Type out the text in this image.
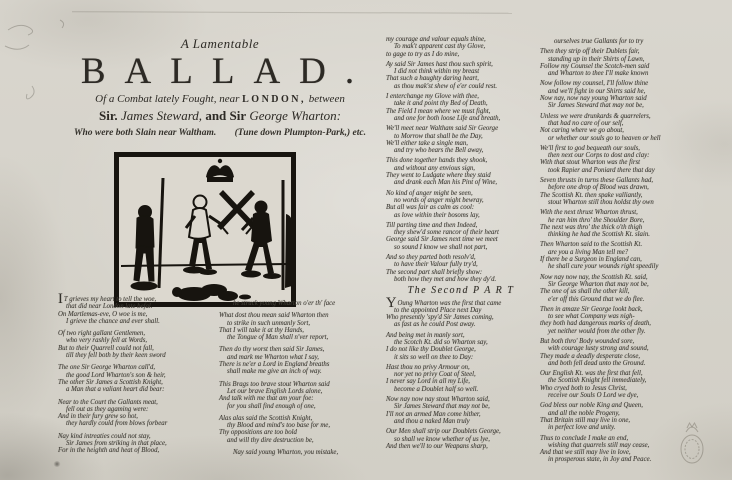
A Lamentable
BALLAD.
Of a Combat lately Fought, near LONDON, between
Sir. James Steward, and Sir George Wharton:
Who were both Slain near Waltham. (Tune down Plumpton-Park,) etc.
IT grieves my heart to tell the woe,
that did near London late befal.
On Martlemas-eve, O woe is me,
I grieve the chance and ever shall.
Of two right gallant Gentlemen,
who very rashly fell at Words,
But to their Quarrell could not fall,
till they fell both by their keen sword
The one Sir George Wharton call'd,
the good Lord Wharton's son & heir,
The other Sir James a Scottish Knight,
a Man that a valiant heart did bear:
Near to the Court the Gallants meat,
fell out as they agaming were:
And in their fury grew so hot,
they hardly could from blows forbear
Nay kind intreaties could not stay,
Sir James from striking in that place,
For in the heighth and heat of Blood,
he struck young Wharton o'er th' face
What dost thou mean said Wharton then
to strike in such unmanly Sort,
That I will take it at thy Hands,
the Tongue of Man shall n'ver report,
Then do thy worst then said Sir James,
and mark me Wharton what I say,
There is ne'er a Lord in England breaths
shall make me give an inch of way.
This Brags too brave stout Wharton said
Let our brave English Lords alone,
And talk with me that am your foe:
for you shall find enough of one,
Alas alas said the Scottish Knight,
thy Blood and mind's too base for me,
Thy oppositions are too bold
and will thy dire destruction be,
Nay said young Wharton, you mistake,
my courage and valour equals thine,
To mak't apparent cast thy Glove,
to gage to try as I do mine,
Ay said Sir James hast thou such spirit,
I did not think within my breast
That such a haughty daring heart,
as thou mak'st shew of e'er could rest.
I enterchange my Glove with thee,
take it and point thy Bed of Death,
The Field I mean where we must fight,
and one for both loose Life and breath,
We'll meet near Waltham said Sir George
to Morrow that shall be the Day,
We'll either take a single man,
and try who bears the Bell away,
This done together hands they shook,
and without any envious sign,
They went to Ludgate where they staid
and drank each Man his Pint of Wine,
No kind of anger might be seen,
no words of anger might bewray,
But all was fair as calm as cool:
as love within their bosoms lay,
Till parting time and then Indeed,
they shew'd some rancor of their heart
George said Sir James next time we meet
so sound I know we shall not part,
And so they parted both resolv'd,
to have their Valour fully try'd,
The second part shall briefly show:
both how they met and how they dy'd.
The Second P A R T
YOung Wharton was the first that came
to the appointed Place next Day
Who presently 'spy'd Sir James coming,
as fast as he could Post away.
And being met in manly sort,
the Scotch Kt. did so Wharton say,
I do not like thy Doublet George,
it sits so well on thee to Day:
Hast thou no privy Armour on,
nor yet no privy Coat of Steel,
I never say Lord in all my Life,
become a Doublet half so well.
Now nay now nay stout Wharton said,
Sir James Steward that may not be,
I'll not an armed Man come hither,
and thou a naked Man truly
Our Men shall strip our Doublets George,
so shall we know whether of us lye,
And then we'll to our Weapans sharp,
ourselves true Gallants for to try
Then they strip off their Dublets fair,
standing up in their Shirts of Lawn,
Follow my Counsel the Scotch-men said
and Wharton to thee I'll make known
Now follow my counsel, I'll follow thine
and we'll fight in our Shirts said he,
Now nay, now nay young Wharton said
Sir James Steward that may not be,
Unless we were drunkards & quarrelers,
that had no care of our self,
Not caring where we go about,
or whether our souls go to heaven or hell
We'll first to god bequeath our souls,
then next our Corps to dost and clay:
With that stout Wharton was the first
took Rapier and Poniard there that day
Seven thrusts in turns these Gallants had,
before one drop of Blood was drawn,
The Scottish Kt. then spake valliantly,
stout Wharton still thou holdst thy own
With the next thrust Wharton thrust,
he ran him thro' the Shoulder Bore,
The next was thro' the thick o'th thigh
thinking he had the Scottish Kt. slain.
Then Wharton said to the Scottish Kt.
are you a living Man tell me?
If there be a Surgeon in England can,
he shall cure your wounds right speedily
Now nay now nay, the Scottish Kt. said,
Sir George Wharton that may not be,
The one of us shall the other kill,
e'er off this Ground that we do flee.
Then in amaze Sir George lookt back,
to see what Company was nigh-
they both had dangerous marks of death,
yet neither would from the other fly.
But both thro' Body wounded sore,
with courage lusty strong and sound,
They made a deadly desperate close,
and both fell dead unto the Ground.
Our English Kt. was the first that fell,
the Scottish Knight fell immediately,
Who cryed both to Jesus Christ,
receive our Souls O Lord we dye,
God bless our noble King and Queen,
and all the noble Progeny,
That Britain still may live in one,
in perfect love and unity.
Thus to conclude I make an end,
wishing that quarrels still may cease,
And that we still may live in love,
in prosperous state, in Joy and Peace.
